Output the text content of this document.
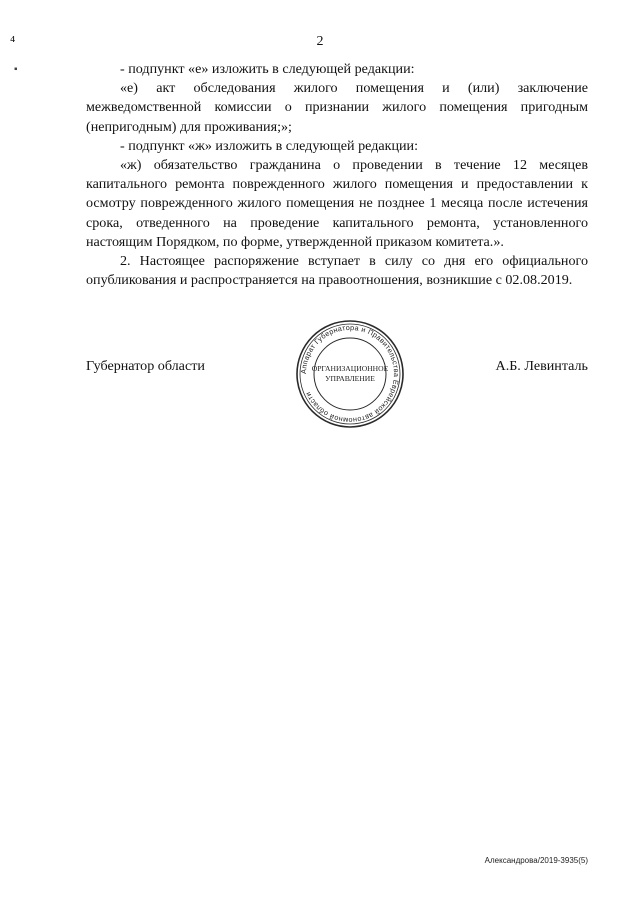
⁴
▪
2

- подпункт «е» изложить в следующей редакции:

«е) акт обследования жилого помещения и (или) заключение межведомственной комиссии о признании жилого помещения пригодным (непригодным) для проживания;»;

- подпункт «ж» изложить в следующей редакции:

«ж) обязательство гражданина о проведении в течение 12 месяцев капитального ремонта поврежденного жилого помещения и предоставлении к осмотру поврежденного жилого помещения не позднее 1 месяца после истечения срока, отведенного на проведение капитального ремонта, установленного настоящим Порядком, по форме, утвержденной приказом комитета.».

2. Настоящее распоряжение вступает в силу со дня его официального опубликования и распространяется на правоотношения, возникшие с 02.08.2019.

Губернатор области	А.Б. Левинталь
Аппарат Губернатора и Правительства Еврейской автономной области
ОРГАНИЗАЦИОННОЕ
УПРАВЛЕНИЕ
Александрова/2019-3935(5)
